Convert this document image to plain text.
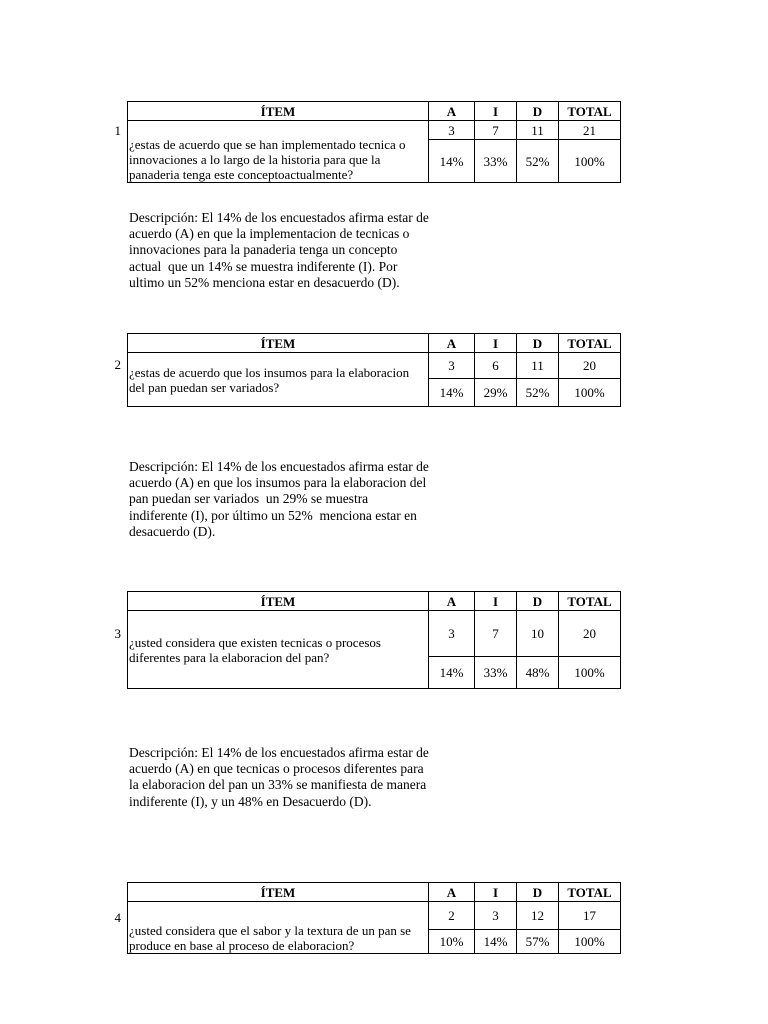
1
ÍTEM	A	I	D	TOTAL
¿estas de acuerdo que se han implementado tecnica o innovaciones a lo largo de la historia para que la panaderia tenga este conceptoactualmente?	3	7	11	21
	14%	33%	52%	100%
Descripción: El 14% de los encuestados afirma estar de acuerdo (A) en que la implementacion de tecnicas o innovaciones para la panaderia tenga un concepto actual  que un 14% se muestra indiferente (I). Por ultimo un 52% menciona estar en desacuerdo (D).
2
ÍTEM	A	I	D	TOTAL
¿estas de acuerdo que los insumos para la elaboracion del pan puedan ser variados?	3	6	11	20
	14%	29%	52%	100%
Descripción: El 14% de los encuestados afirma estar de acuerdo (A) en que los insumos para la elaboracion del pan puedan ser variados  un 29% se muestra indiferente (I), por último un 52%  menciona estar en desacuerdo (D).
3
ÍTEM	A	I	D	TOTAL
¿usted considera que existen tecnicas o procesos diferentes para la elaboracion del pan?	3	7	10	20
	14%	33%	48%	100%
Descripción: El 14% de los encuestados afirma estar de acuerdo (A) en que tecnicas o procesos diferentes para la elaboracion del pan un 33% se manifiesta de manera indiferente (I), y un 48% en Desacuerdo (D).
4
ÍTEM	A	I	D	TOTAL
¿usted considera que el sabor y la textura de un pan se produce en base al proceso de elaboracion?	2	3	12	17
	10%	14%	57%	100%
